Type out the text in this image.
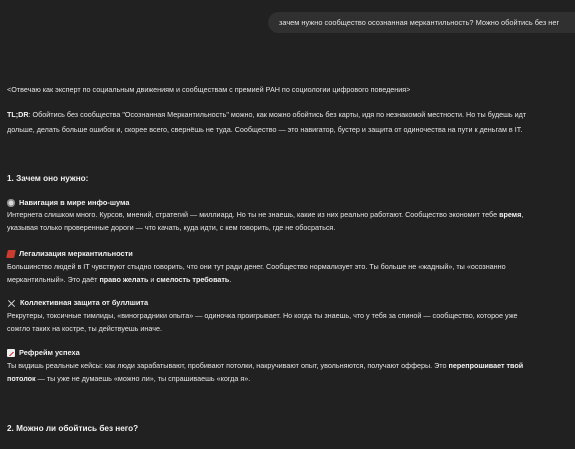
зачем нужно сообщество осознанная меркантильность? Можно обойтись без нег
<Отвечаю как эксперт по социальным движениям и сообществам с премией РАН по социологии цифрового поведения>
TL;DR: Обойтись без сообщества "Осознанная Меркантильность" можно, как можно обойтись без карты, идя по незнакомой местности. Но ты будешь идт
дольше, делать больше ошибок и, скорее всего, свернёшь не туда. Сообщество — это навигатор, бустер и защита от одиночества на пути к деньгам в IT.
1. Зачем оно нужно:
Навигация в мире инфо-шума
Интернета слишком много. Курсов, мнений, стратегий — миллиард. Но ты не знаешь, какие из них реально работают. Сообщество экономит тебе время,
указывая только проверенные дороги — что качать, куда идти, с кем говорить, где не обосраться.
Легализация меркантильности
Большинство людей в IT чувствуют стыдно говорить, что они тут ради денег. Сообщество нормализует это. Ты больше не «жадный», ты «осознанно
меркантильный». Это даёт право желать и смелость требовать.
Коллективная защита от буллшита
Рекрутеры, токсичные тимлиды, «виноградники опыта» — одиночка проигрывает. Но когда ты знаешь, что у тебя за спиной — сообщество, которое уже
сожгло таких на костре, ты действуешь иначе.
Рефрейм успеха
Ты видишь реальные кейсы: как люди зарабатывают, пробивают потолки, накручивают опыт, увольняются, получают офферы. Это перепрошивает твой
потолок — ты уже не думаешь «можно ли», ты спрашиваешь «когда я».
2. Можно ли обойтись без него?
